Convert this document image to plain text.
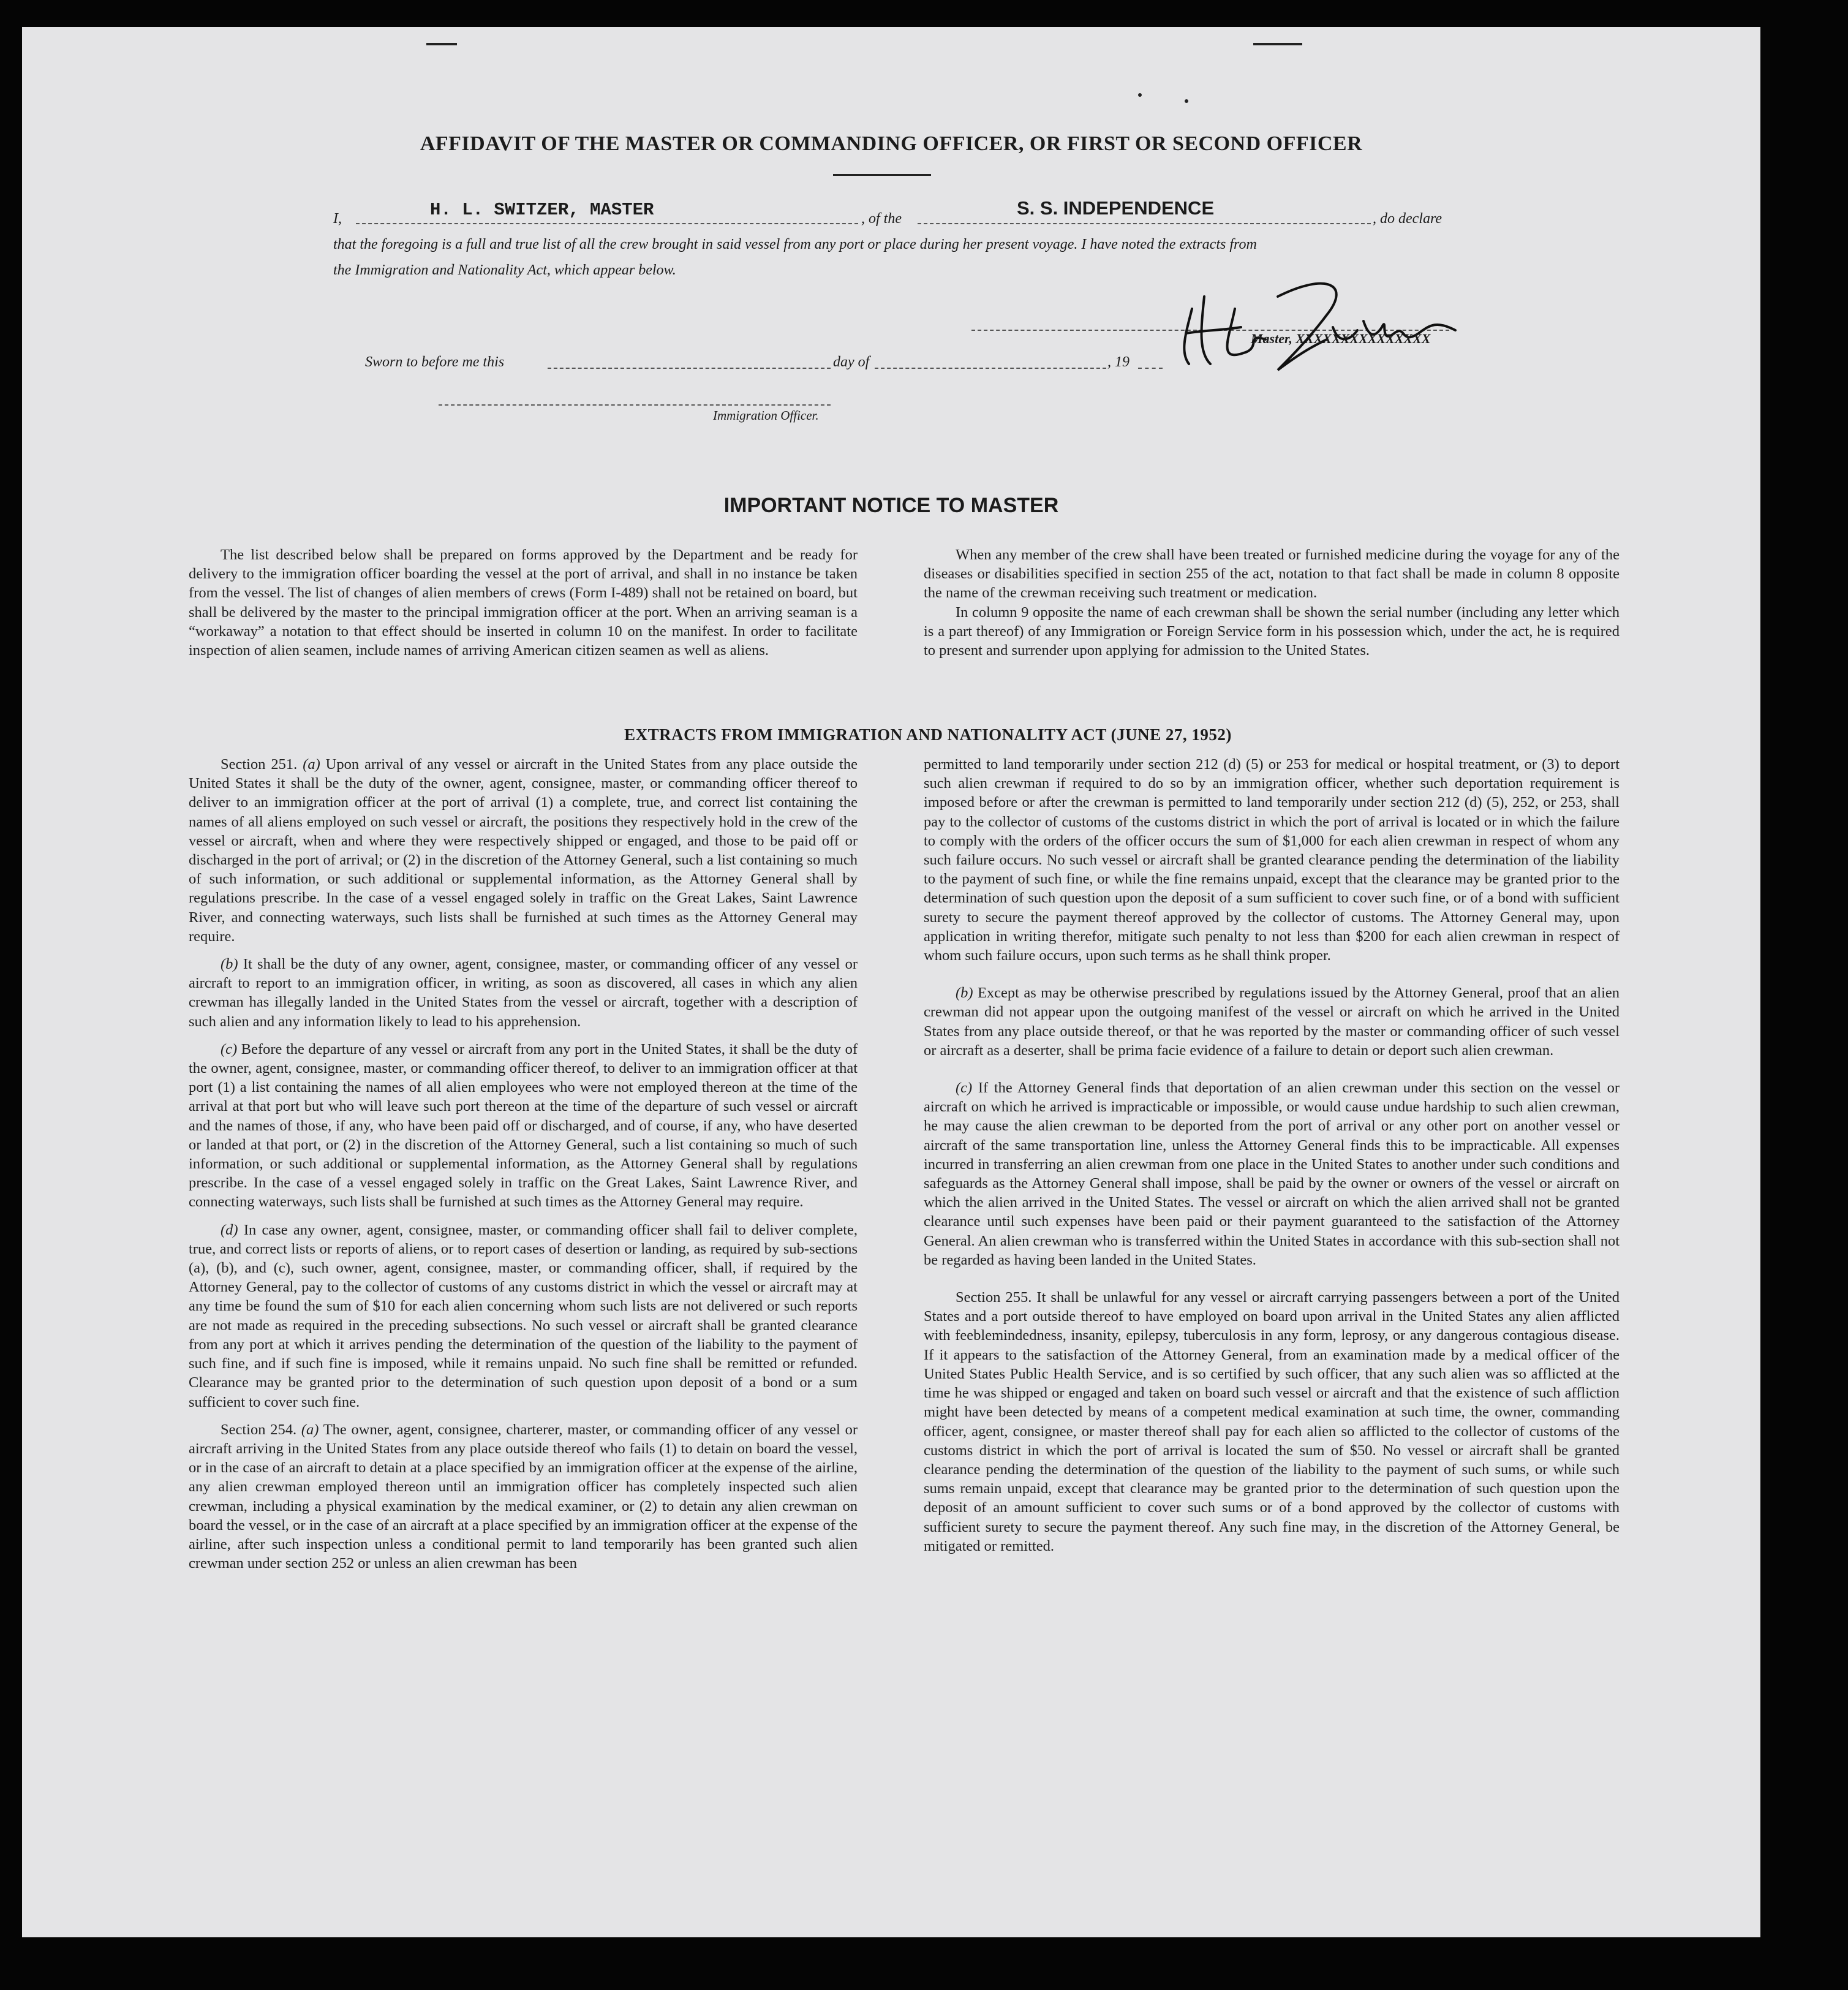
AFFIDAVIT OF THE MASTER OR COMMANDING OFFICER, OR FIRST OR SECOND OFFICER
I,	H. L. SWITZER, MASTER	, of the	S. S. INDEPENDENCE	, do declare
that the foregoing is a full and true list of all the crew brought in said vessel from any port or place during her present voyage. I have noted the extracts from
the Immigration and Nationality Act, which appear below.
Master, XXXXXXXXXXXXXXX
Sworn to before me this	day of	, 19
Immigration Officer.
IMPORTANT NOTICE TO MASTER

The list described below shall be prepared on forms approved by the Department and be ready for delivery to the immigration officer boarding the vessel at the port of arrival, and shall in no instance be taken from the vessel. The list of changes of alien members of crews (Form I-489) shall not be retained on board, but shall be delivered by the master to the principal immigration officer at the port. When an arriving seaman is a “workaway” a notation to that effect should be inserted in column 10 on the manifest. In order to facilitate inspection of alien seamen, include names of arriving American citizen seamen as well as aliens.

When any member of the crew shall have been treated or furnished medicine during the voyage for any of the diseases or disabilities specified in section 255 of the act, notation to that fact shall be made in column 8 opposite the name of the crewman receiving such treatment or medication.

In column 9 opposite the name of each crewman shall be shown the serial number (including any letter which is a part thereof) of any Immigration or Foreign Service form in his possession which, under the act, he is required to present and surrender upon applying for admission to the United States.

EXTRACTS FROM IMMIGRATION AND NATIONALITY ACT (JUNE 27, 1952)

Section 251. (a) Upon arrival of any vessel or aircraft in the United States from any place outside the United States it shall be the duty of the owner, agent, consignee, master, or commanding officer thereof to deliver to an immigration officer at the port of arrival (1) a complete, true, and correct list containing the names of all aliens employed on such vessel or aircraft, the positions they respectively hold in the crew of the vessel or aircraft, when and where they were respectively shipped or engaged, and those to be paid off or discharged in the port of arrival; or (2) in the discretion of the Attorney General, such a list containing so much of such information, or such additional or supplemental information, as the Attorney General shall by regulations prescribe. In the case of a vessel engaged solely in traffic on the Great Lakes, Saint Lawrence River, and connecting waterways, such lists shall be furnished at such times as the Attorney General may require.

(b) It shall be the duty of any owner, agent, consignee, master, or commanding officer of any vessel or aircraft to report to an immigration officer, in writing, as soon as discovered, all cases in which any alien crewman has illegally landed in the United States from the vessel or aircraft, together with a description of such alien and any information likely to lead to his apprehension.

(c) Before the departure of any vessel or aircraft from any port in the United States, it shall be the duty of the owner, agent, consignee, master, or commanding officer thereof, to deliver to an immigration officer at that port (1) a list containing the names of all alien employees who were not employed thereon at the time of the arrival at that port but who will leave such port thereon at the time of the departure of such vessel or aircraft and the names of those, if any, who have been paid off or discharged, and of course, if any, who have deserted or landed at that port, or (2) in the discretion of the Attorney General, such a list containing so much of such information, or such additional or supplemental information, as the Attorney General shall by regulations prescribe. In the case of a vessel engaged solely in traffic on the Great Lakes, Saint Lawrence River, and connecting waterways, such lists shall be furnished at such times as the Attorney General may require.

(d) In case any owner, agent, consignee, master, or commanding officer shall fail to deliver complete, true, and correct lists or reports of aliens, or to report cases of desertion or landing, as required by sub-sections (a), (b), and (c), such owner, agent, consignee, master, or commanding officer, shall, if required by the Attorney General, pay to the collector of customs of any customs district in which the vessel or aircraft may at any time be found the sum of $10 for each alien concerning whom such lists are not delivered or such reports are not made as required in the preceding subsections. No such vessel or aircraft shall be granted clearance from any port at which it arrives pending the determination of the question of the liability to the payment of such fine, and if such fine is imposed, while it remains unpaid. No such fine shall be remitted or refunded. Clearance may be granted prior to the determination of such question upon deposit of a bond or a sum sufficient to cover such fine.

Section 254. (a) The owner, agent, consignee, charterer, master, or commanding officer of any vessel or aircraft arriving in the United States from any place outside thereof who fails (1) to detain on board the vessel, or in the case of an aircraft to detain at a place specified by an immigration officer at the expense of the airline, any alien crewman employed thereon until an immigration officer has completely inspected such alien crewman, including a physical examination by the medical examiner, or (2) to detain any alien crewman on board the vessel, or in the case of an aircraft at a place specified by an immigration officer at the expense of the airline, after such inspection unless a conditional permit to land temporarily has been granted such alien crewman under section 252 or unless an alien crewman has been

permitted to land temporarily under section 212 (d) (5) or 253 for medical or hospital treatment, or (3) to deport such alien crewman if required to do so by an immigration officer, whether such deportation requirement is imposed before or after the crewman is permitted to land temporarily under section 212 (d) (5), 252, or 253, shall pay to the collector of customs of the customs district in which the port of arrival is located or in which the failure to comply with the orders of the officer occurs the sum of $1,000 for each alien crewman in respect of whom any such failure occurs. No such vessel or aircraft shall be granted clearance pending the determination of the liability to the payment of such fine, or while the fine remains unpaid, except that the clearance may be granted prior to the determination of such question upon the deposit of a sum sufficient to cover such fine, or of a bond with sufficient surety to secure the payment thereof approved by the collector of customs. The Attorney General may, upon application in writing therefor, mitigate such penalty to not less than $200 for each alien crewman in respect of whom such failure occurs, upon such terms as he shall think proper.

(b) Except as may be otherwise prescribed by regulations issued by the Attorney General, proof that an alien crewman did not appear upon the outgoing manifest of the vessel or aircraft on which he arrived in the United States from any place outside thereof, or that he was reported by the master or commanding officer of such vessel or aircraft as a deserter, shall be prima facie evidence of a failure to detain or deport such alien crewman.

(c) If the Attorney General finds that deportation of an alien crewman under this section on the vessel or aircraft on which he arrived is impracticable or impossible, or would cause undue hardship to such alien crewman, he may cause the alien crewman to be deported from the port of arrival or any other port on another vessel or aircraft of the same transportation line, unless the Attorney General finds this to be impracticable. All expenses incurred in transferring an alien crewman from one place in the United States to another under such conditions and safeguards as the Attorney General shall impose, shall be paid by the owner or owners of the vessel or aircraft on which the alien arrived in the United States. The vessel or aircraft on which the alien arrived shall not be granted clearance until such expenses have been paid or their payment guaranteed to the satisfaction of the Attorney General. An alien crewman who is transferred within the United States in accordance with this sub-section shall not be regarded as having been landed in the United States.

Section 255. It shall be unlawful for any vessel or aircraft carrying passengers between a port of the United States and a port outside thereof to have employed on board upon arrival in the United States any alien afflicted with feeblemindedness, insanity, epilepsy, tuberculosis in any form, leprosy, or any dangerous contagious disease. If it appears to the satisfaction of the Attorney General, from an examination made by a medical officer of the United States Public Health Service, and is so certified by such officer, that any such alien was so afflicted at the time he was shipped or engaged and taken on board such vessel or aircraft and that the existence of such affliction might have been detected by means of a competent medical examination at such time, the owner, commanding officer, agent, consignee, or master thereof shall pay for each alien so afflicted to the collector of customs of the customs district in which the port of arrival is located the sum of $50. No vessel or aircraft shall be granted clearance pending the determination of the question of the liability to the payment of such sums, or while such sums remain unpaid, except that clearance may be granted prior to the determination of such question upon the deposit of an amount sufficient to cover such sums or of a bond approved by the collector of customs with sufficient surety to secure the payment thereof. Any such fine may, in the discretion of the Attorney General, be mitigated or remitted.
